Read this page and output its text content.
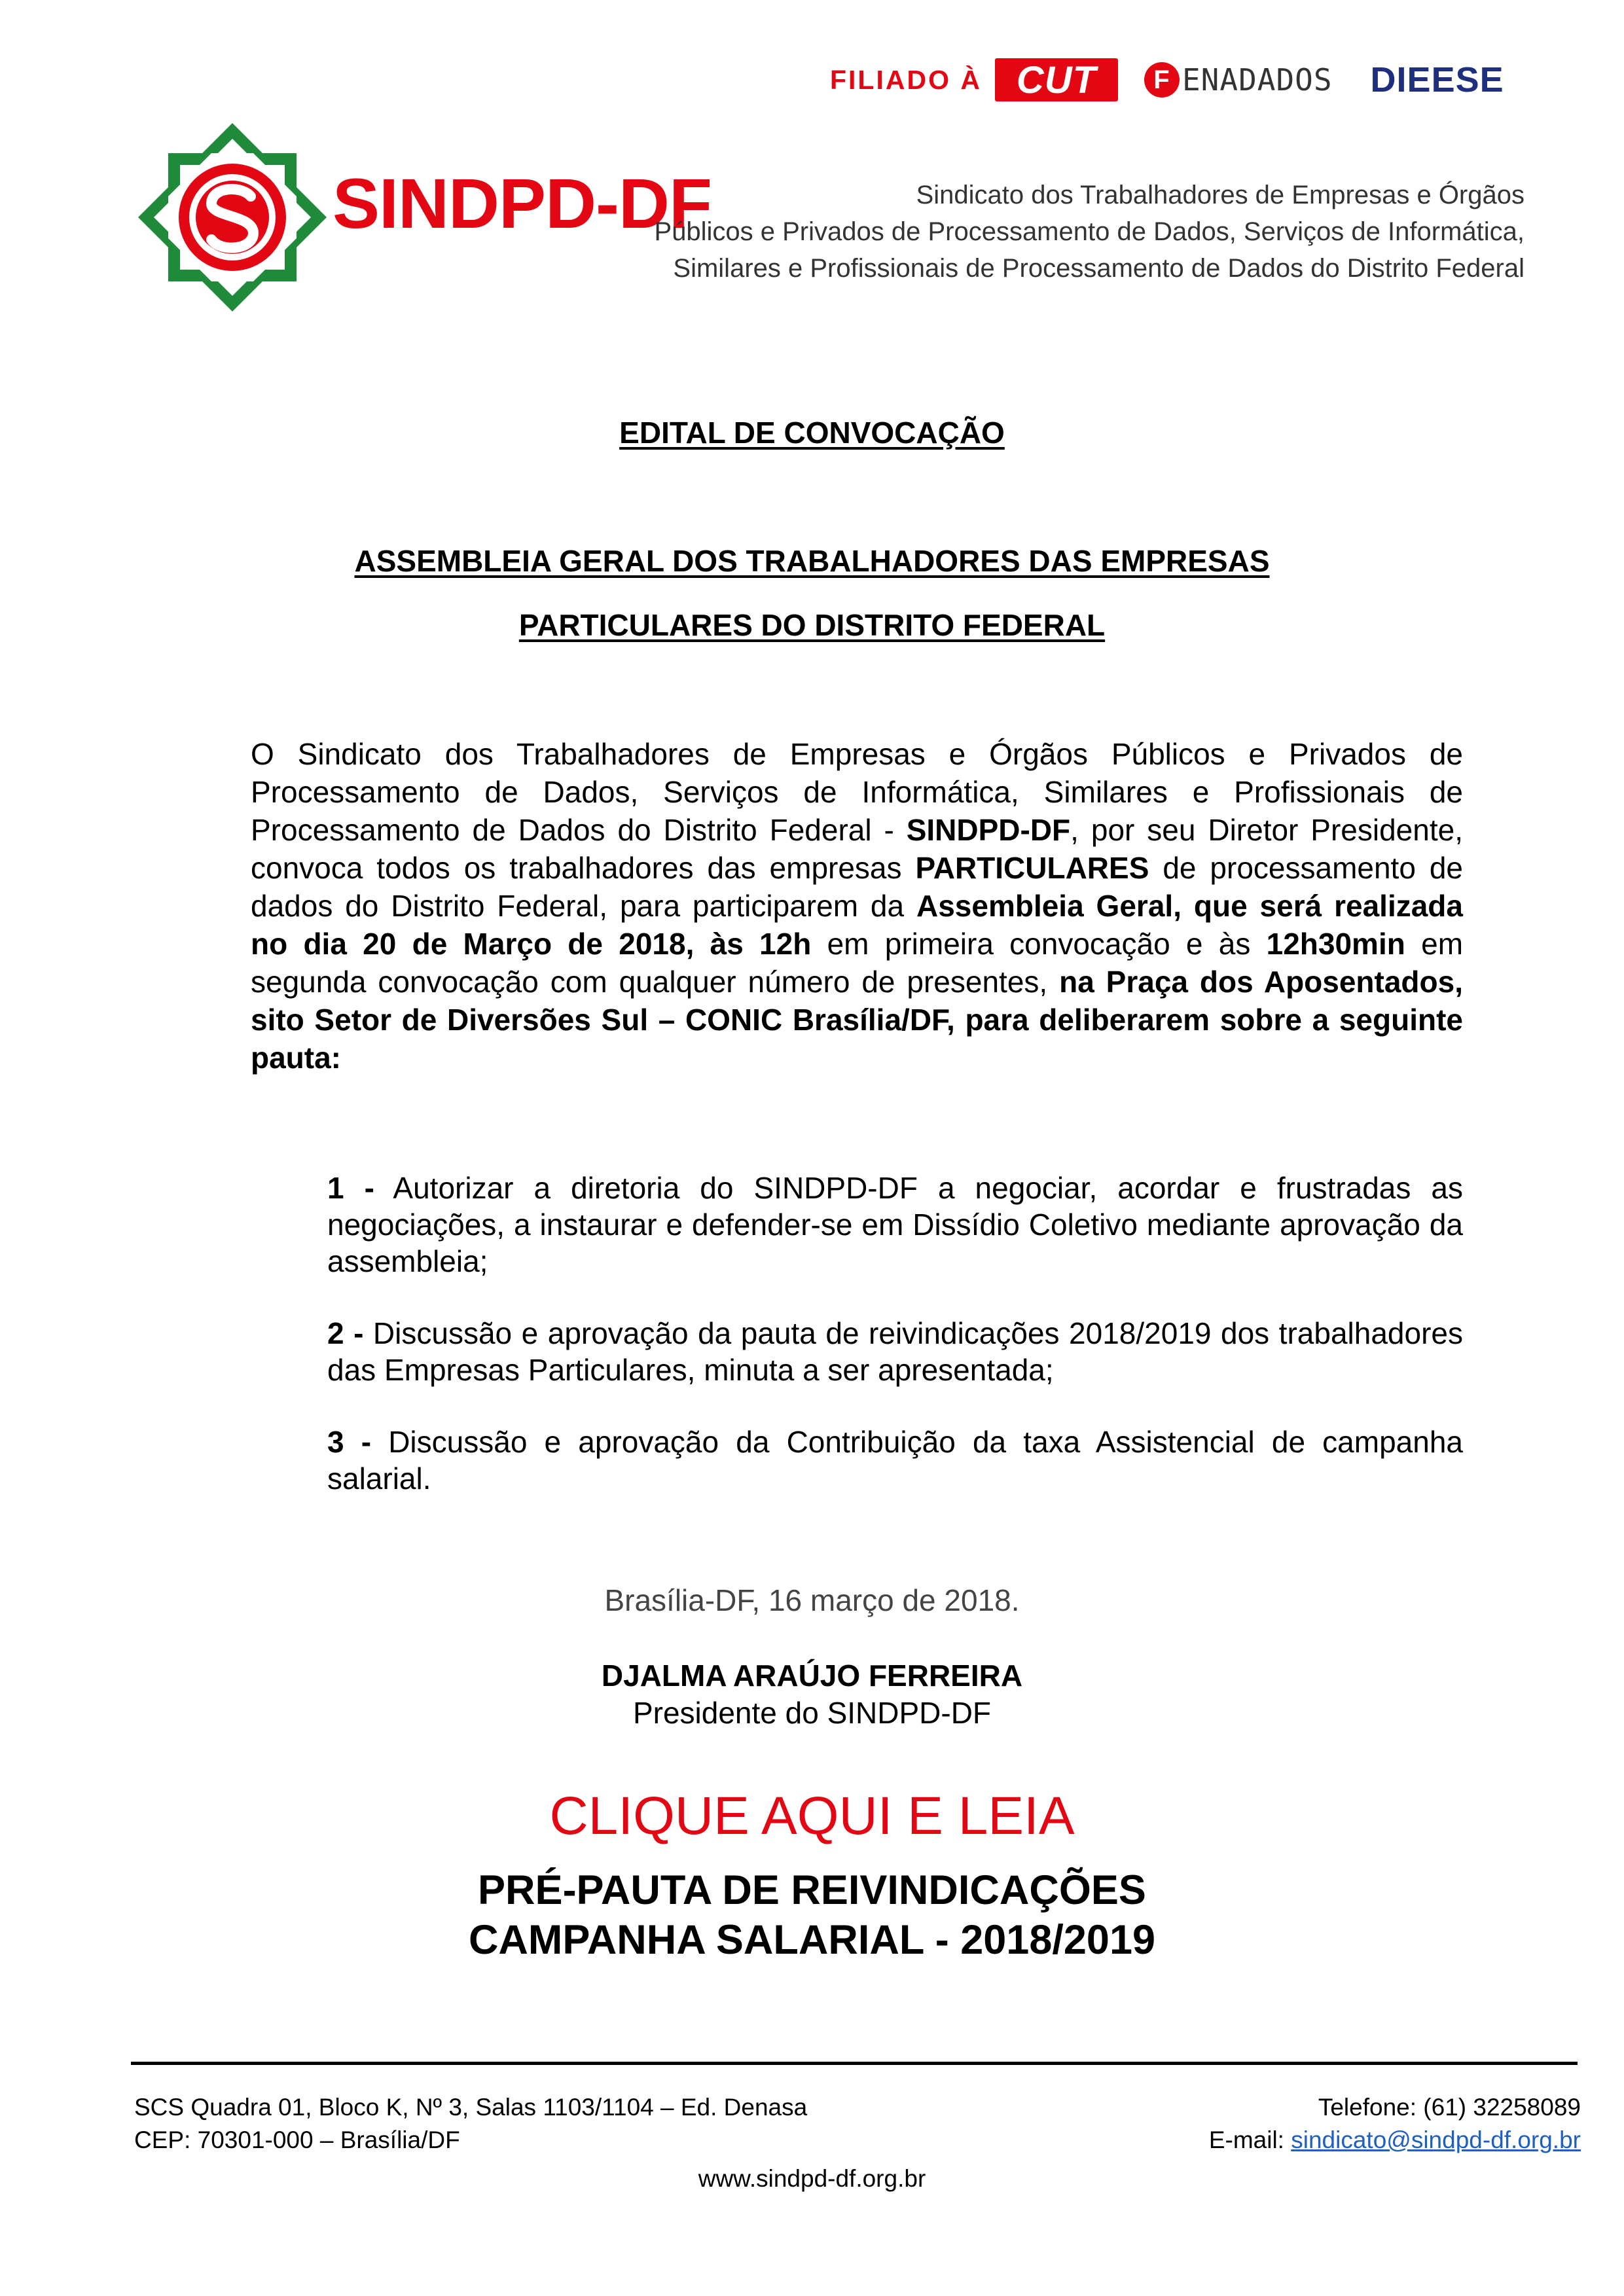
FILIADO À CUT	F ENADADOS DIEESE
SINDPD-DF	Sindicato dos Trabalhadores de Empresas e Órgãos
Públicos e Privados de Processamento de Dados, Serviços de Informática,
Similares e Profissionais de Processamento de Dados do Distrito Federal
EDITAL DE CONVOCAÇÃO
ASSEMBLEIA GERAL DOS TRABALHADORES DAS EMPRESAS
PARTICULARES DO DISTRITO FEDERAL
O Sindicato dos Trabalhadores de Empresas e Órgãos Públicos e Privados de Processamento de Dados, Serviços de Informática, Similares e Profissionais de Processamento de Dados do Distrito Federal - SINDPD-DF, por seu Diretor Presidente, convoca todos os trabalhadores das empresas PARTICULARES de processamento de dados do Distrito Federal, para participarem da Assembleia Geral, que será realizada no dia 20 de Março de 2018, às 12h em primeira convocação e às 12h30min em segunda convocação com qualquer número de presentes, na Praça dos Aposentados, sito Setor de Diversões Sul – CONIC Brasília/DF, para deliberarem sobre a seguinte pauta:
1 - Autorizar a diretoria do SINDPD-DF a negociar, acordar e frustradas as negociações, a instaurar e defender-se em Dissídio Coletivo mediante aprovação da assembleia;
2 - Discussão e aprovação da pauta de reivindicações 2018/2019 dos trabalhadores das Empresas Particulares, minuta a ser apresentada;
3 - Discussão e aprovação da Contribuição da taxa Assistencial de campanha salarial.
Brasília-DF, 16 março de 2018.
DJALMA ARAÚJO FERREIRA
Presidente do SINDPD-DF
CLIQUE AQUI E LEIA
PRÉ-PAUTA DE REIVINDICAÇÕES
CAMPANHA SALARIAL - 2018/2019
SCS Quadra 01, Bloco K, Nº 3, Salas 1103/1104 – Ed. Denasa
CEP: 70301-000 – Brasília/DF
Telefone: (61) 32258089
E-mail: sindicato@sindpd-df.org.br
www.sindpd-df.org.br
